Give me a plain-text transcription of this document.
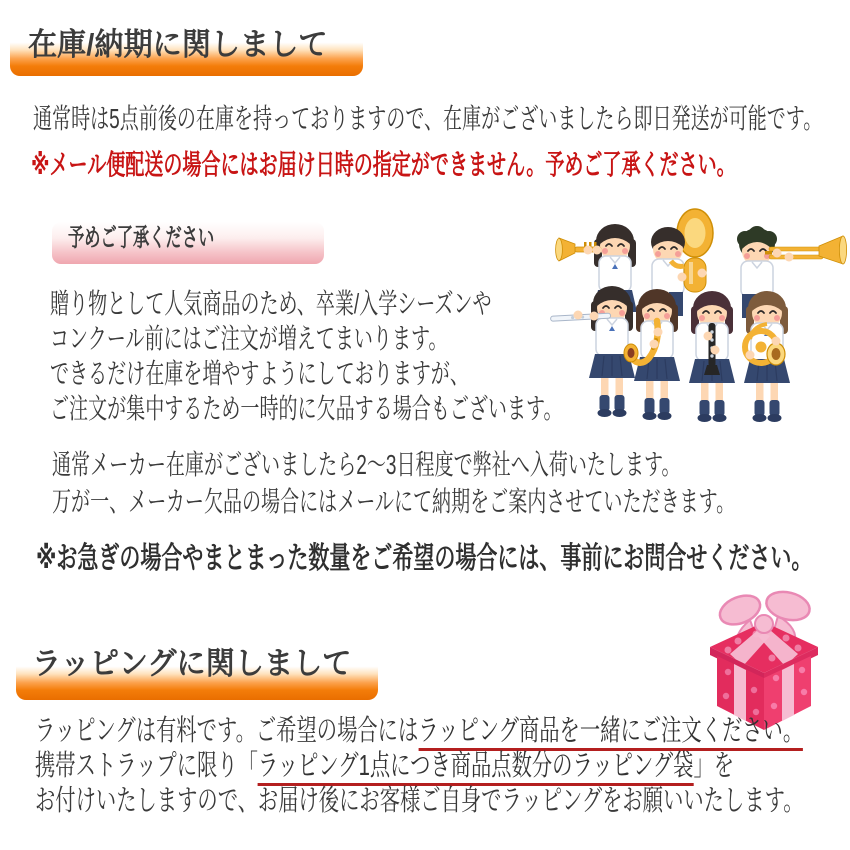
在庫/納期に関しまして
通常時は5点前後の在庫を持っておりますので、在庫がございましたら即日発送が可能です。
※メール便配送の場合にはお届け日時の指定ができません。予めご了承ください。
予めご了承ください
贈り物として人気商品のため、卒業/入学シーズンや
コンクール前にはご注文が増えてまいります。
できるだけ在庫を増やすようにしておりますが、
ご注文が集中するため一時的に欠品する場合もございます。
通常メーカー在庫がございましたら2～3日程度で弊社へ入荷いたします。
万が一、メーカー欠品の場合にはメールにて納期をご案内させていただきます。
※お急ぎの場合やまとまった数量をご希望の場合には、事前にお問合せください。
ラッピングに関しまして
ラッピングは有料です。ご希望の場合にはラッピング商品を一緒にご注文ください。
携帯ストラップに限り「ラッピング1点につき商品点数分のラッピング袋」を
お付けいたしますので、お届け後にお客様ご自身でラッピングをお願いいたします。
